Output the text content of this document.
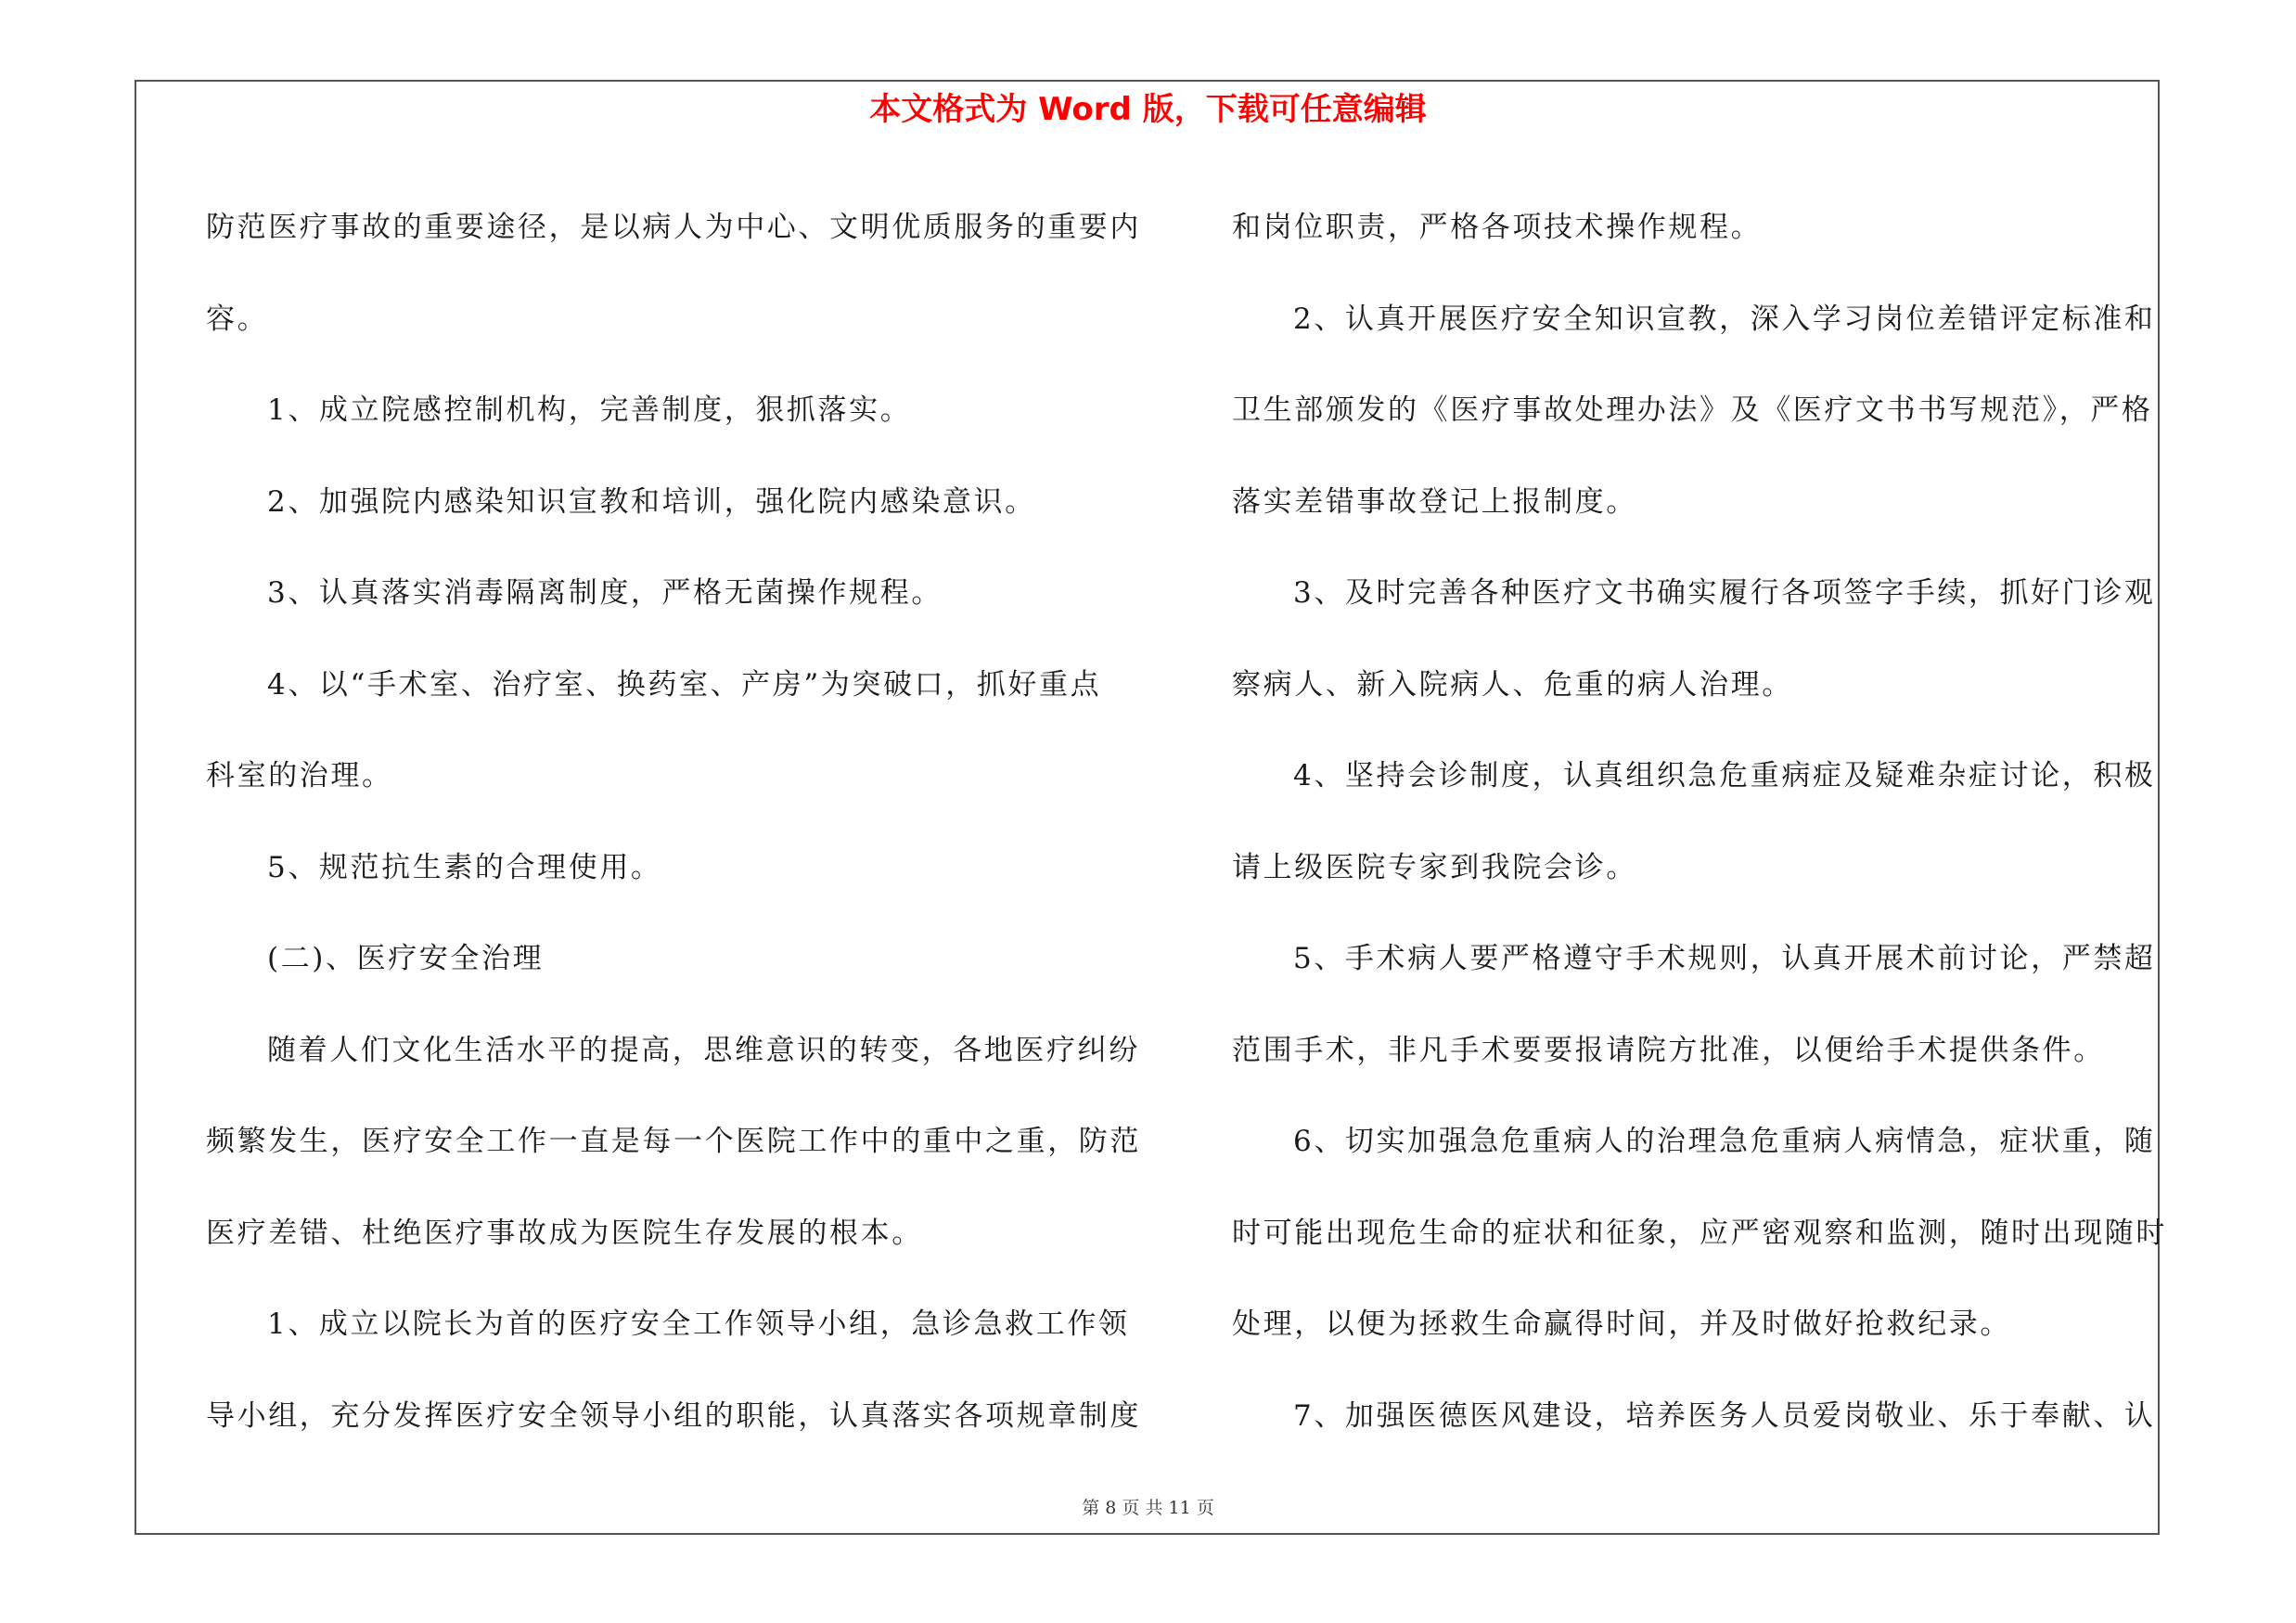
本文格式为 Word 版，下载可任意编辑

防范医疗事故的重要途径，是以病人为中心、文明优质服务的重要内

容。

1、成立院感控制机构，完善制度，狠抓落实。

2、加强院内感染知识宣教和培训，强化院内感染意识。

3、认真落实消毒隔离制度，严格无菌操作规程。

4、以“手术室、治疗室、换药室、产房”为突破口，抓好重点

科室的治理。

5、规范抗生素的合理使用。

(二)、医疗安全治理

随着人们文化生活水平的提高，思维意识的转变，各地医疗纠纷

频繁发生，医疗安全工作一直是每一个医院工作中的重中之重，防范

医疗差错、杜绝医疗事故成为医院生存发展的根本。

1、成立以院长为首的医疗安全工作领导小组，急诊急救工作领

导小组，充分发挥医疗安全领导小组的职能，认真落实各项规章制度

和岗位职责，严格各项技术操作规程。

2、认真开展医疗安全知识宣教，深入学习岗位差错评定标准和

卫生部颁发的《医疗事故处理办法》及《医疗文书书写规范》，严格

落实差错事故登记上报制度。

3、及时完善各种医疗文书确实履行各项签字手续，抓好门诊观

察病人、新入院病人、危重的病人治理。

4、坚持会诊制度，认真组织急危重病症及疑难杂症讨论，积极

请上级医院专家到我院会诊。

5、手术病人要严格遵守手术规则，认真开展术前讨论，严禁超

范围手术，非凡手术要要报请院方批准，以便给手术提供条件。

6、切实加强急危重病人的治理急危重病人病情急，症状重，随

时可能出现危生命的症状和征象，应严密观察和监测，随时出现随时

处理，以便为拯救生命赢得时间，并及时做好抢救纪录。

7、加强医德医风建设，培养医务人员爱岗敬业、乐于奉献、认

第 8 页 共 11 页
